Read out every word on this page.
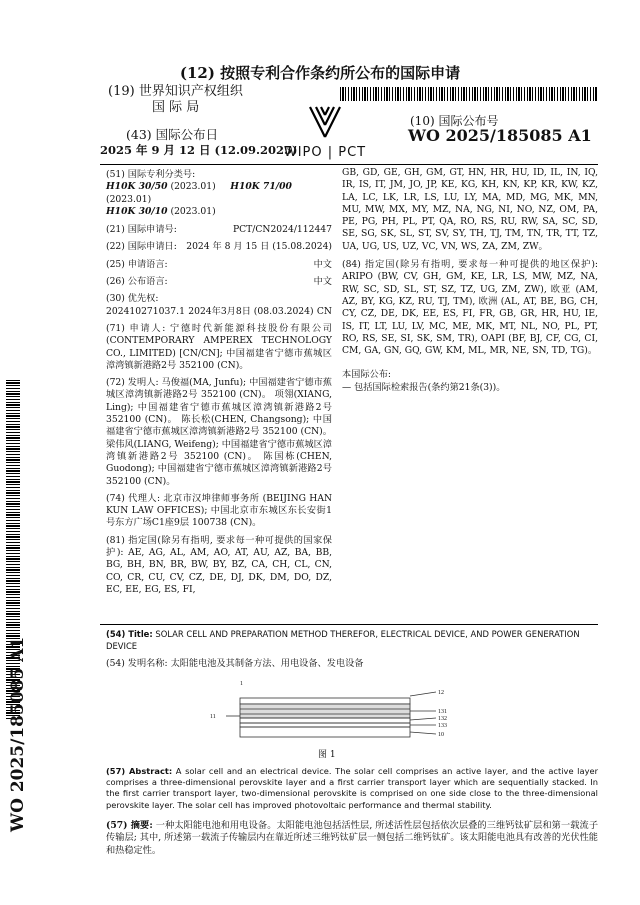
(12) 按照专利合作条约所公布的国际申请
(19) 世界知识产权组织
国 际 局
(43) 国际公布日
2025 年 9 月 12 日 (12.09.2025)
WO 2025/185085 A1
WIPO | PCT
(10) 国际公布号
WO 2025/185085 A1
(51) 国际专利分类号:
H10K 30/50 (2023.01) H10K 71/00 (2023.01)
H10K 30/10 (2023.01)
(21) 国际申请号:	PCT/CN2024/112447
(22) 国际申请日: 2024 年 8 月 15 日 (15.08.2024)
(25) 申请语言:	中文
(26) 公布语言:	中文
(30) 优先权:
202410271037.1 2024年3月8日 (08.03.2024) CN
(71) 申请人: 宁德时代新能源科技股份有限公司 (CONTEMPORARY AMPEREX TECHNOLOGY CO., LIMITED) [CN/CN]; 中国福建省宁德市蕉城区漳湾镇新港路2号 352100 (CN)。
(72) 发明人: 马俊福(MA, Junfu); 中国福建省宁德市蕉城区漳湾镇新港路2号 352100 (CN)。 项翎(XIANG, Ling); 中国福建省宁德市蕉城区漳湾镇新港路2号 352100 (CN)。 陈长松(CHEN, Changsong); 中国福建省宁德市蕉城区漳湾镇新港路2号 352100 (CN)。 梁伟风(LIANG, Weifeng); 中国福建省宁德市蕉城区漳湾镇新港路2号 352100 (CN)。 陈国栋(CHEN, Guodong); 中国福建省宁德市蕉城区漳湾镇新港路2号 352100 (CN)。
(74) 代理人: 北京市汉坤律师事务所 (BEIJING HAN KUN LAW OFFICES); 中国北京市东城区东长安街1号东方广场C1座9层 100738 (CN)。
(81) 指定国(除另有指明, 要求每一种可提供的国家保护): AE, AG, AL, AM, AO, AT, AU, AZ, BA, BB, BG, BH, BN, BR, BW, BY, BZ, CA, CH, CL, CN, CO, CR, CU, CV, CZ, DE, DJ, DK, DM, DO, DZ, EC, EE, EG, ES, FI,
GB, GD, GE, GH, GM, GT, HN, HR, HU, ID, IL, IN, IQ, IR, IS, IT, JM, JO, JP, KE, KG, KH, KN, KP, KR, KW, KZ, LA, LC, LK, LR, LS, LU, LY, MA, MD, MG, MK, MN, MU, MW, MX, MY, MZ, NA, NG, NI, NO, NZ, OM, PA, PE, PG, PH, PL, PT, QA, RO, RS, RU, RW, SA, SC, SD, SE, SG, SK, SL, ST, SV, SY, TH, TJ, TM, TN, TR, TT, TZ, UA, UG, US, UZ, VC, VN, WS, ZA, ZM, ZW。
(84) 指定国(除另有指明, 要求每一种可提供的地区保护): ARIPO (BW, CV, GH, GM, KE, LR, LS, MW, MZ, NA, RW, SC, SD, SL, ST, SZ, TZ, UG, ZM, ZW), 欧亚 (AM, AZ, BY, KG, KZ, RU, TJ, TM), 欧洲 (AL, AT, BE, BG, CH, CY, CZ, DE, DK, EE, ES, FI, FR, GB, GR, HR, HU, IE, IS, IT, LT, LU, LV, MC, ME, MK, MT, NL, NO, PL, PT, RO, RS, SE, SI, SK, SM, TR), OAPI (BF, BJ, CF, CG, CI, CM, GA, GN, GQ, GW, KM, ML, MR, NE, SN, TD, TG)。
本国际公布:
— 包括国际检索报告(条约第21条(3))。
(54) Title: SOLAR CELL AND PREPARATION METHOD THEREFOR, ELECTRICAL DEVICE, AND POWER GENERATION DEVICE
(54) 发明名称: 太阳能电池及其制备方法、用电设备、发电设备
1
11
12
131
132
133
10
图 1
(57) Abstract: A solar cell and an electrical device. The solar cell comprises an active layer, and the active layer comprises a three-dimensional perovskite layer and a first carrier transport layer which are sequentially stacked. In the first carrier transport layer, two-dimensional perovskite is comprised on one side close to the three-dimensional perovskite layer. The solar cell has improved photovoltaic performance and thermal stability.
(57) 摘要: 一种太阳能电池和用电设备。太阳能电池包括活性层, 所述活性层包括依次层叠的三维钙钛矿层和第一载流子传输层; 其中, 所述第一载流子传输层内在靠近所述三维钙钛矿层一侧包括二维钙钛矿。该太阳能电池具有改善的光伏性能和热稳定性。
